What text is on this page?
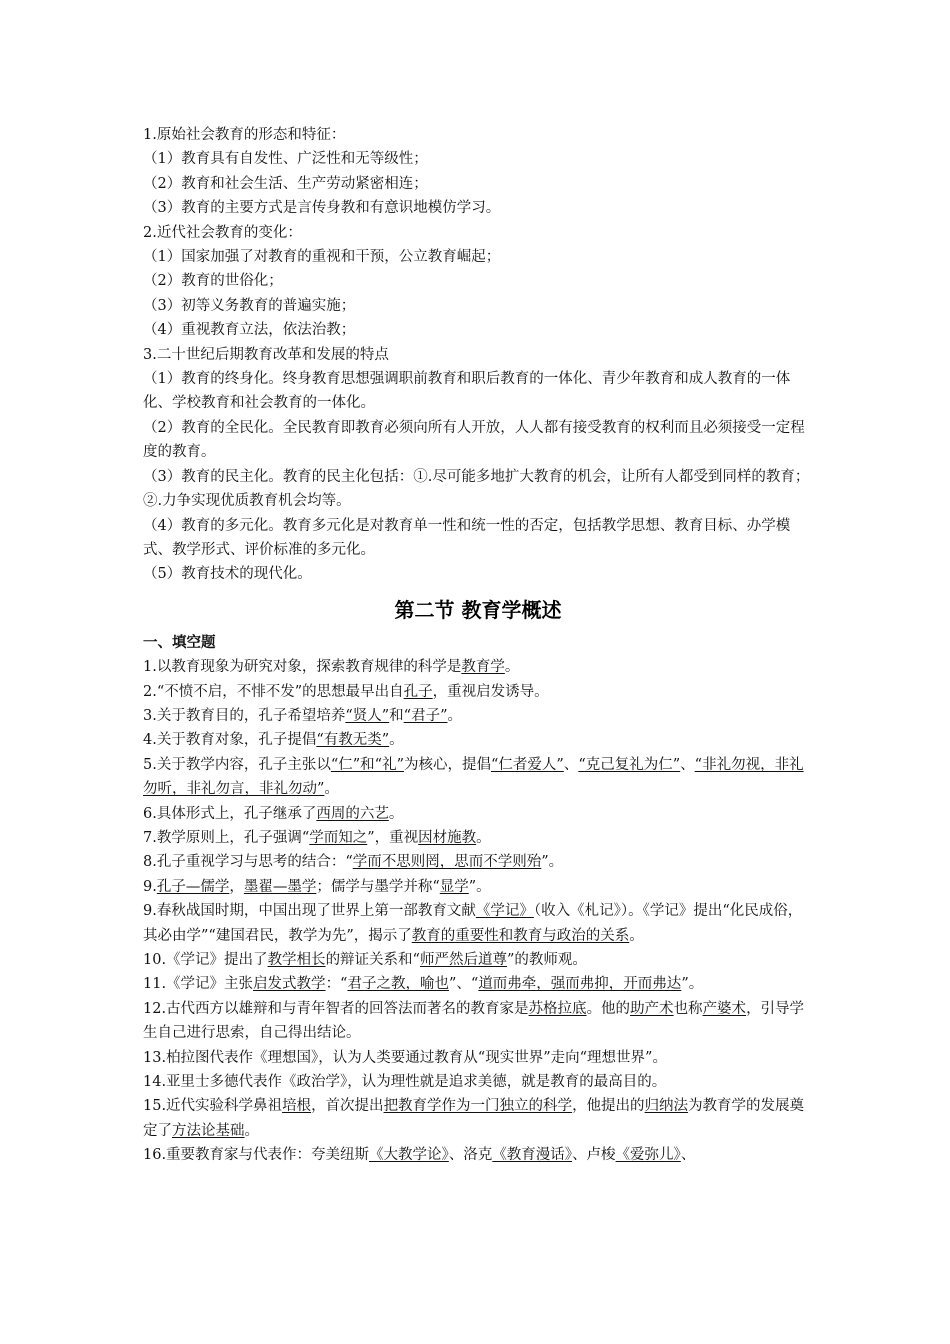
1.原始社会教育的形态和特征：
（1）教育具有自发性、广泛性和无等级性；
（2）教育和社会生活、生产劳动紧密相连；
（3）教育的主要方式是言传身教和有意识地模仿学习。
2.近代社会教育的变化：
（1）国家加强了对教育的重视和干预，公立教育崛起；
（2）教育的世俗化；
（3）初等义务教育的普遍实施；
（4）重视教育立法，依法治教；
3.二十世纪后期教育改革和发展的特点
（1）教育的终身化。终身教育思想强调职前教育和职后教育的一体化、青少年教育和成人教育的一体化、学校教育和社会教育的一体化。
（2）教育的全民化。全民教育即教育必须向所有人开放，人人都有接受教育的权利而且必须接受一定程度的教育。
（3）教育的民主化。教育的民主化包括：①.尽可能多地扩大教育的机会，让所有人都受到同样的教育；②.力争实现优质教育机会均等。
（4）教育的多元化。教育多元化是对教育单一性和统一性的否定，包括教学思想、教育目标、办学模式、教学形式、评价标准的多元化。
（5）教育技术的现代化。
第二节 教育学概述
一、填空题
1.以教育现象为研究对象，探索教育规律的科学是教育学。
2.“不愤不启，不悱不发”的思想最早出自孔子，重视启发诱导。
3.关于教育目的，孔子希望培养“贤人”和“君子”。
4.关于教育对象，孔子提倡“有教无类”。
5.关于教学内容，孔子主张以“仁”和“礼”为核心，提倡“仁者爱人”、“克己复礼为仁”、“非礼勿视，非礼勿听，非礼勿言，非礼勿动”。
6.具体形式上，孔子继承了西周的六艺。
7.教学原则上，孔子强调“学而知之”，重视因材施教。
8.孔子重视学习与思考的结合：“学而不思则罔，思而不学则殆”。
9.孔子—儒学，墨翟—墨学；儒学与墨学并称“显学”。
9.春秋战国时期，中国出现了世界上第一部教育文献《学记》（收入《札记》）。《学记》提出“化民成俗，其必由学”“建国君民，教学为先”，揭示了教育的重要性和教育与政治的关系。
10.《学记》提出了教学相长的辩证关系和“师严然后道尊”的教师观。
11.《学记》主张启发式教学：“君子之教，喻也”、“道而弗牵，强而弗抑，开而弗达”。
12.古代西方以雄辩和与青年智者的回答法而著名的教育家是苏格拉底。他的助产术也称产婆术，引导学生自己进行思索，自己得出结论。
13.柏拉图代表作《理想国》，认为人类要通过教育从“现实世界”走向“理想世界”。
14.亚里士多德代表作《政治学》，认为理性就是追求美德，就是教育的最高目的。
15.近代实验科学鼻祖培根，首次提出把教育学作为一门独立的科学，他提出的归纳法为教育学的发展奠定了方法论基础。
16.重要教育家与代表作：夸美纽斯《大教学论》、洛克《教育漫话》、卢梭《爱弥儿》、
